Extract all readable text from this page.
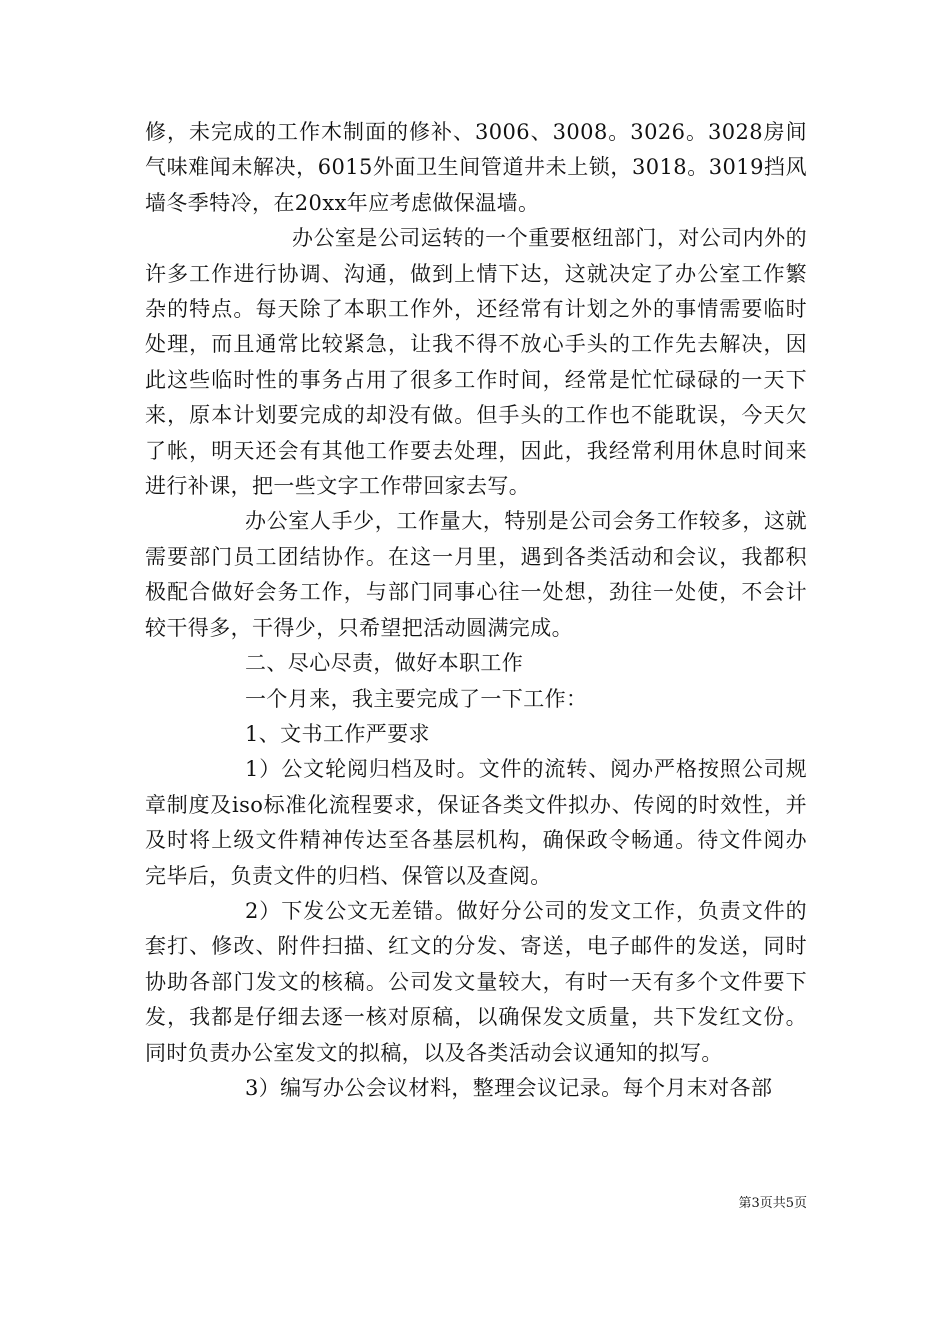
修，未完成的工作木制面的修补、3006、3008。3026。3028房间气味难闻未解决，6015外面卫生间管道井未上锁，3018。3019挡风墙冬季特冷，在20xx年应考虑做保温墙。

办公室是公司运转的一个重要枢纽部门，对公司内外的许多工作进行协调、沟通，做到上情下达，这就决定了办公室工作繁杂的特点。每天除了本职工作外，还经常有计划之外的事情需要临时处理，而且通常比较紧急，让我不得不放心手头的工作先去解决，因此这些临时性的事务占用了很多工作时间，经常是忙忙碌碌的一天下来，原本计划要完成的却没有做。但手头的工作也不能耽误，今天欠了帐，明天还会有其他工作要去处理，因此，我经常利用休息时间来进行补课，把一些文字工作带回家去写。

办公室人手少，工作量大，特别是公司会务工作较多，这就需要部门员工团结协作。在这一月里，遇到各类活动和会议，我都积极配合做好会务工作，与部门同事心往一处想，劲往一处使，不会计较干得多，干得少，只希望把活动圆满完成。

二、尽心尽责，做好本职工作

一个月来，我主要完成了一下工作：

1、文书工作严要求

1）公文轮阅归档及时。文件的流转、阅办严格按照公司规章制度及iso标准化流程要求，保证各类文件拟办、传阅的时效性，并及时将上级文件精神传达至各基层机构，确保政令畅通。待文件阅办完毕后，负责文件的归档、保管以及查阅。

2）下发公文无差错。做好分公司的发文工作，负责文件的套打、修改、附件扫描、红文的分发、寄送，电子邮件的发送，同时协助各部门发文的核稿。公司发文量较大，有时一天有多个文件要下发，我都是仔细去逐一核对原稿，以确保发文质量，共下发红文份。同时负责办公室发文的拟稿，以及各类活动会议通知的拟写。

3）编写办公会议材料，整理会议记录。每个月末对各部

第3页共5页
